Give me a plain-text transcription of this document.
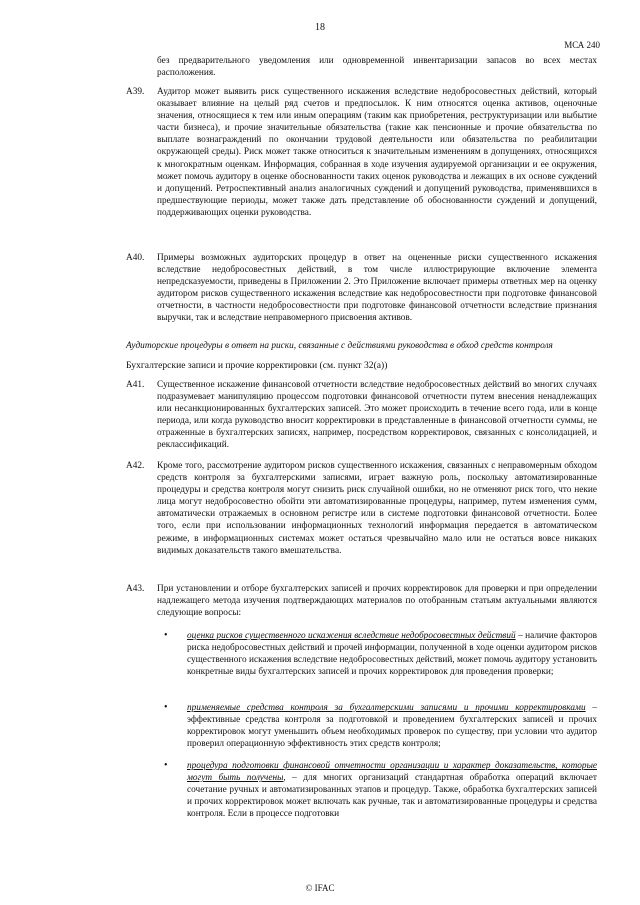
18
МСА 240
без предварительного уведомления или одновременной инвентаризации запасов во всех местах расположения.
А39. Аудитор может выявить риск существенного искажения вследствие недобросовестных действий, который оказывает влияние на целый ряд счетов и предпосылок. К ним относятся оценка активов, оценочные значения, относящиеся к тем или иным операциям (таким как приобретения, реструктуризации или выбытие части бизнеса), и прочие значительные обязательства (такие как пенсионные и прочие обязательства по выплате вознаграждений по окончании трудовой деятельности или обязательства по реабилитации окружающей среды). Риск может также относиться к значительным изменениям в допущениях, относящихся к многократным оценкам. Информация, собранная в ходе изучения аудируемой организации и ее окружения, может помочь аудитору в оценке обоснованности таких оценок руководства и лежащих в их основе суждений и допущений. Ретроспективный анализ аналогичных суждений и допущений руководства, применявшихся в предшествующие периоды, может также дать представление об обоснованности суждений и допущений, поддерживающих оценки руководства.
А40. Примеры возможных аудиторских процедур в ответ на оцененные риски существенного искажения вследствие недобросовестных действий, в том числе иллюстрирующие включение элемента непредсказуемости, приведены в Приложении 2. Это Приложение включает примеры ответных мер на оценку аудитором рисков существенного искажения вследствие как недобросовестности при подготовке финансовой отчетности, в частности недобросовестности при подготовке финансовой отчетности вследствие признания выручки, так и вследствие неправомерного присвоения активов.
Аудиторские процедуры в ответ на риски, связанные с действиями руководства в обход средств контроля
Бухгалтерские записи и прочие корректировки (см. пункт 32(а))
А41. Существенное искажение финансовой отчетности вследствие недобросовестных действий во многих случаях подразумевает манипуляцию процессом подготовки финансовой отчетности путем внесения ненадлежащих или несанкционированных бухгалтерских записей. Это может происходить в течение всего года, или в конце периода, или когда руководство вносит корректировки в представленные в финансовой отчетности суммы, не отраженные в бухгалтерских записях, например, посредством корректировок, связанных с консолидацией, и реклассификаций.
А42. Кроме того, рассмотрение аудитором рисков существенного искажения, связанных с неправомерным обходом средств контроля за бухгалтерскими записями, играет важную роль, поскольку автоматизированные процедуры и средства контроля могут снизить риск случайной ошибки, но не отменяют риск того, что некие лица могут недобросовестно обойти эти автоматизированные процедуры, например, путем изменения сумм, автоматически отражаемых в основном регистре или в системе подготовки финансовой отчетности. Более того, если при использовании информационных технологий информация передается в автоматическом режиме, в информационных системах может остаться чрезвычайно мало или не остаться вовсе никаких видимых доказательств такого вмешательства.
А43. При установлении и отборе бухгалтерских записей и прочих корректировок для проверки и при определении надлежащего метода изучения подтверждающих материалов по отобранным статьям актуальными являются следующие вопросы:
• оценка рисков существенного искажения вследствие недобросовестных действий – наличие факторов риска недобросовестных действий и прочей информации, полученной в ходе оценки аудитором рисков существенного искажения вследствие недобросовестных действий, может помочь аудитору установить конкретные виды бухгалтерских записей и прочих корректировок для проведения проверки;
• применяемые средства контроля за бухгалтерскими записями и прочими корректировками – эффективные средства контроля за подготовкой и проведением бухгалтерских записей и прочих корректировок могут уменьшить объем необходимых проверок по существу, при условии что аудитор проверил операционную эффективность этих средств контроля;
• процедура подготовки финансовой отчетности организации и характер доказательств, которые могут быть получены, – для многих организаций стандартная обработка операций включает сочетание ручных и автоматизированных этапов и процедур. Также, обработка бухгалтерских записей и прочих корректировок может включать как ручные, так и автоматизированные процедуры и средства контроля. Если в процессе подготовки
© IFAC
